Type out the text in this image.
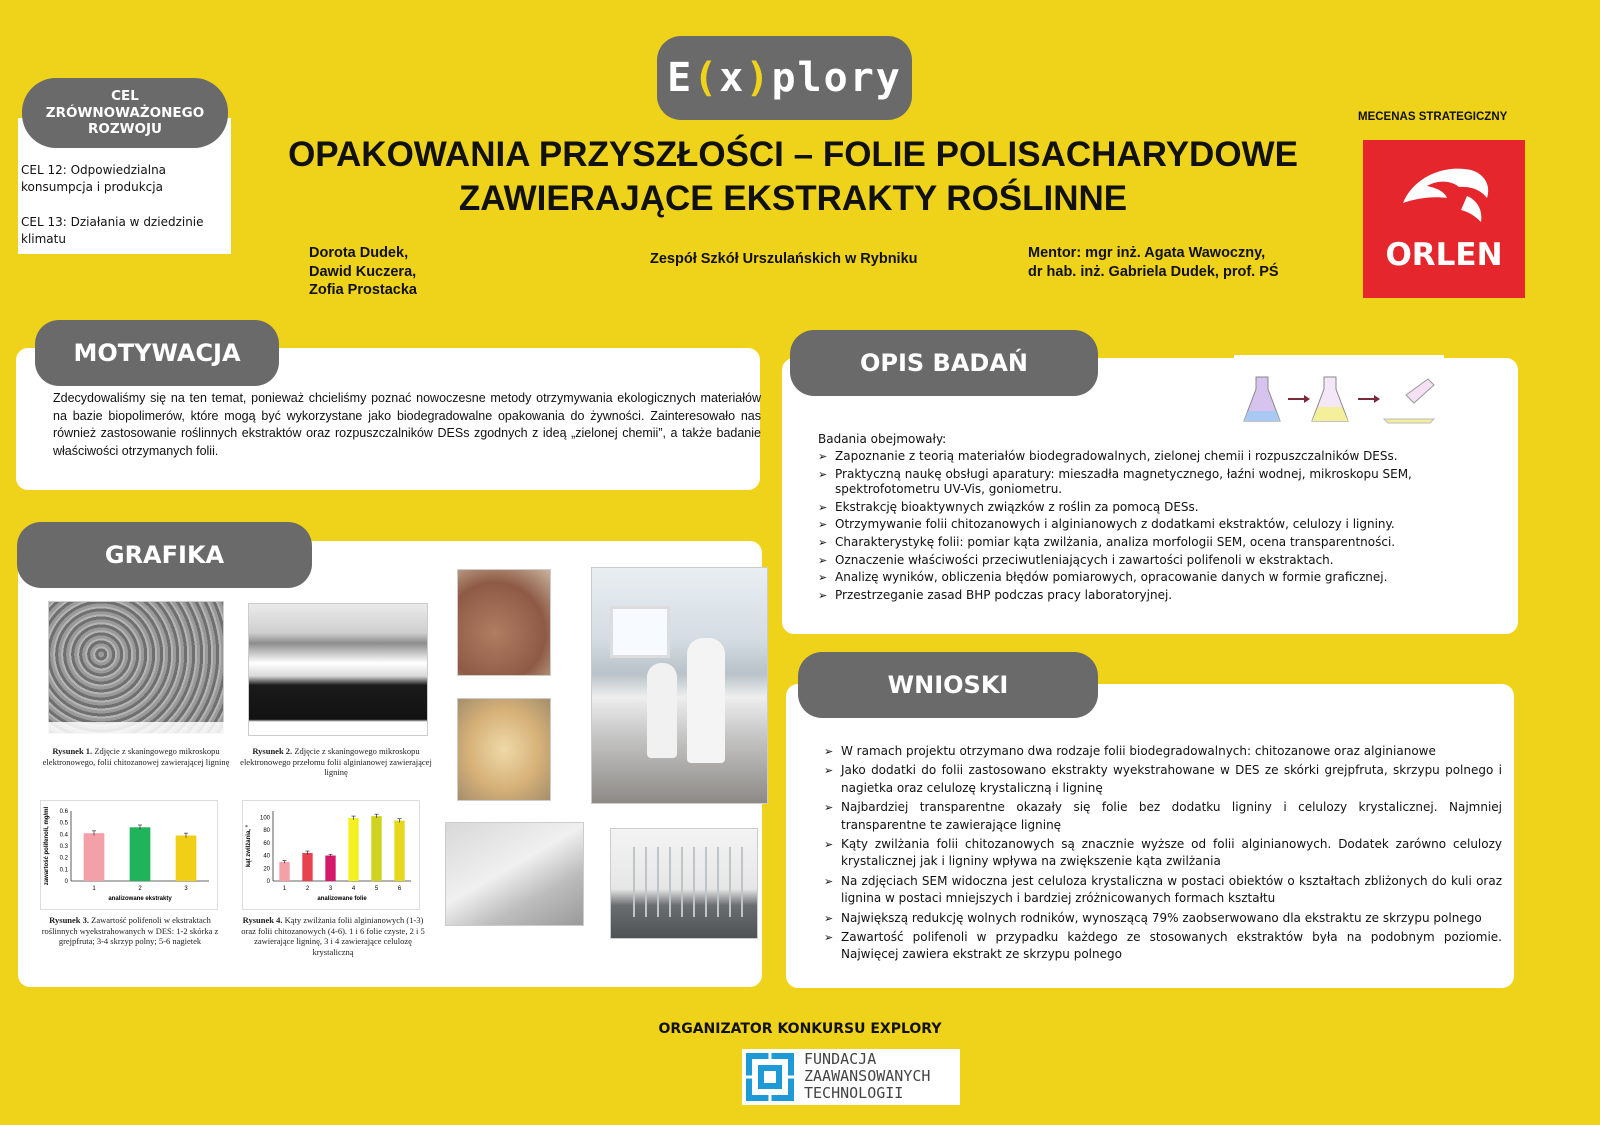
E ( x ) plory
CEL
ZRÓWNOWAŻONEGO
ROZWOJU
CEL 12: Odpowiedzialna konsumpcja i produkcja
CEL 13: Działania w dziedzinie klimatu
OPAKOWANIA PRZYSZŁOŚCI – FOLIE POLISACHARYDOWE
ZAWIERAJĄCE EKSTRAKTY ROŚLINNE
Dorota Dudek,
Dawid Kuczera,
Zofia Prostacka
Zespół Szkół Urszulańskich w Rybniku	Mentor: mgr inż. Agata Wawoczny,
dr hab. inż. Gabriela Dudek, prof. PŚ
MECENAS STRATEGICZNY
ORLEN
MOTYWACJA
Zdecydowaliśmy się na ten temat, ponieważ chcieliśmy poznać nowoczesne metody otrzymywania ekologicznych materiałów na bazie biopolimerów, które mogą być wykorzystane jako biodegradowalne opakowania do żywności. Zainteresowało nas również zastosowanie roślinnych ekstraktów oraz rozpuszczalników DESs zgodnych z ideą „zielonej chemii”, a także badanie właściwości otrzymanych folii.
GRAFIKA
Rysunek 1. Zdjęcie z skaningowego mikroskopu elektronowego, folii chitozanowej zawierającej ligninę
Rysunek 2. Zdjęcie z skaningowego mikroskopu elektronowego przełomu folii alginianowej zawierającej ligninę
0
0.1
0.2
0.3
0.4
0.5
0.6
1	2	3
analizowane ekstrakty
zawartość polifenoli, mg/ml
Rysunek 3. Zawartość polifenoli w ekstraktach roślinnych wyekstrahowanych w DES: 1-2 skórka z grejpfruta; 3-4 skrzyp polny; 5-6 nagietek
0
20
40
60
80
100
1	2	3	4	5	6
analizowane folie
kąt zwilżania, °
Rysunek 4. Kąty zwilżania folii alginianowych (1-3) oraz folii chitozanowych (4-6). 1 i 6 folie czyste, 2 i 5 zawierające ligninę, 3 i 4 zawierające celulozę krystaliczną
OPIS BADAŃ
Badania obejmowały:
➢ Zapoznanie z teorią materiałów biodegradowalnych, zielonej chemii i rozpuszczalników DESs.
➢ Praktyczną naukę obsługi aparatury: mieszadła magnetycznego, łaźni wodnej, mikroskopu SEM, spektrofotometru UV-Vis, goniometru.
➢ Ekstrakcję bioaktywnych związków z roślin za pomocą DESs.
➢ Otrzymywanie folii chitozanowych i alginianowych z dodatkami ekstraktów, celulozy i ligniny.
➢ Charakterystykę folii: pomiar kąta zwilżania, analiza morfologii SEM, ocena transparentności.
➢ Oznaczenie właściwości przeciwutleniających i zawartości polifenoli w ekstraktach.
➢ Analizę wyników, obliczenia błędów pomiarowych, opracowanie danych w formie graficznej.
➢ Przestrzeganie zasad BHP podczas pracy laboratoryjnej.
WNIOSKI
➢ W ramach projektu otrzymano dwa rodzaje folii biodegradowalnych: chitozanowe oraz alginianowe
➢ Jako dodatki do folii zastosowano ekstrakty wyekstrahowane w DES ze skórki grejpfruta, skrzypu polnego i nagietka oraz celulozę krystaliczną i ligninę
➢ Najbardziej transparentne okazały się folie bez dodatku ligniny i celulozy krystalicznej. Najmniej transparentne te zawierające ligninę
➢ Kąty zwilżania folii chitozanowych są znacznie wyższe od folii alginianowych. Dodatek zarówno celulozy krystalicznej jak i ligniny wpływa na zwiększenie kąta zwilżania
➢ Na zdjęciach SEM widoczna jest celuloza krystaliczna w postaci obiektów o kształtach zbliżonych do kuli oraz lignina w postaci mniejszych i bardziej zróżnicowanych formach kształtu
➢ Największą redukcję wolnych rodników, wynoszącą 79% zaobserwowano dla ekstraktu ze skrzypu polnego
➢ Zawartość polifenoli w przypadku każdego ze stosowanych ekstraktów była na podobnym poziomie. Najwięcej zawiera ekstrakt ze skrzypu polnego
ORGANIZATOR KONKURSU EXPLORY
FUNDACJA
ZAAWANSOWANYCH
TECHNOLOGII
